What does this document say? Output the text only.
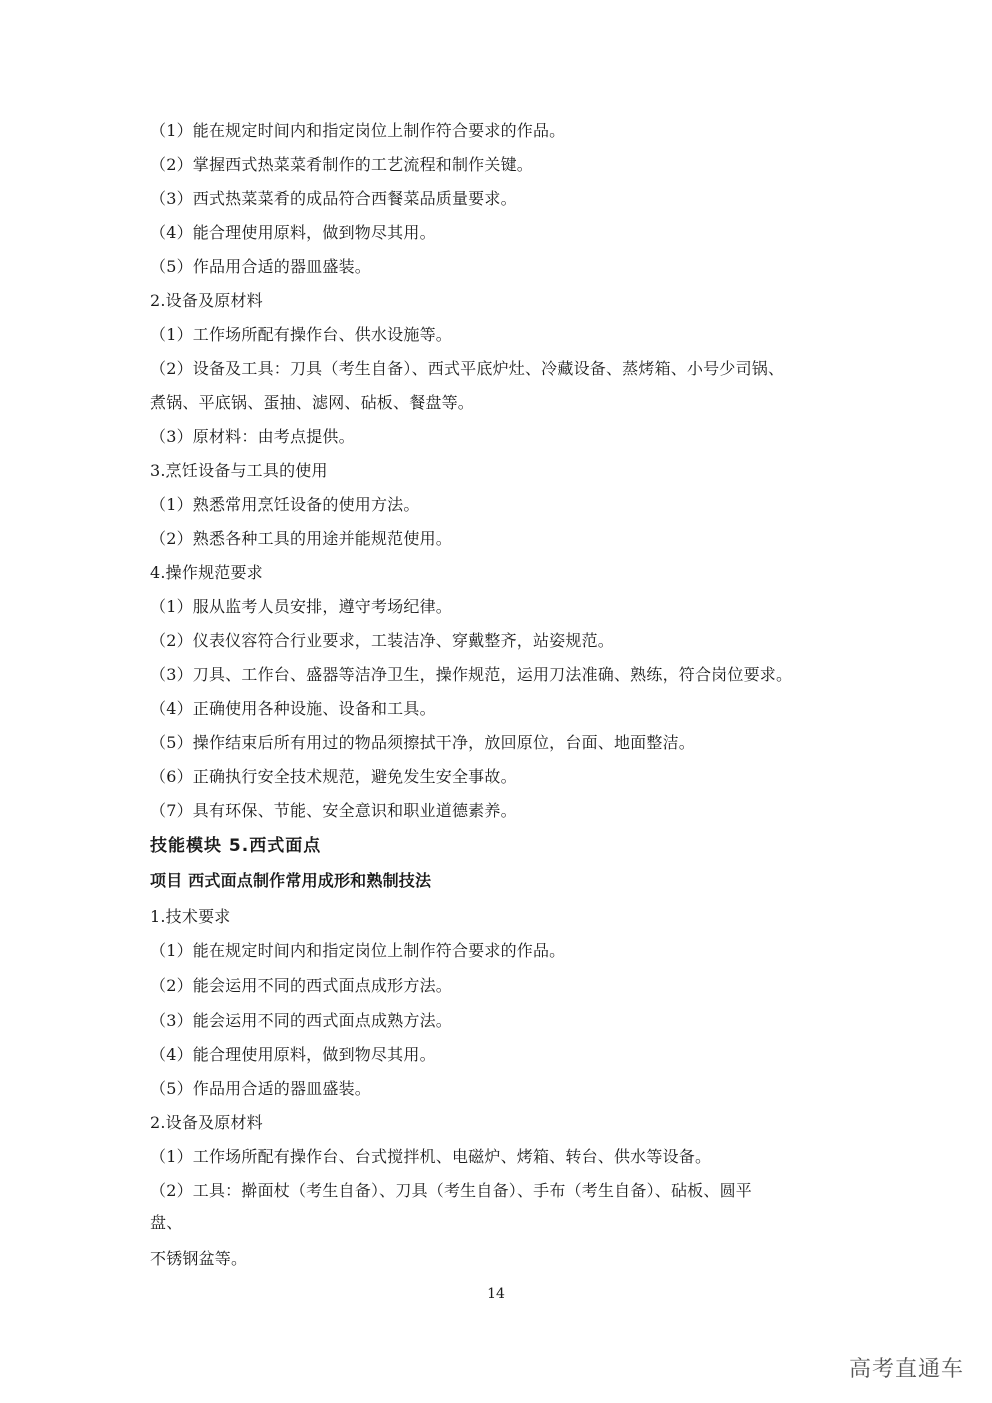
（1）能在规定时间内和指定岗位上制作符合要求的作品。
（2）掌握西式热菜菜肴制作的工艺流程和制作关键。
（3）西式热菜菜肴的成品符合西餐菜品质量要求。
（4）能合理使用原料，做到物尽其用。
（5）作品用合适的器皿盛装。
2.设备及原材料
（1）工作场所配有操作台、供水设施等。
（2）设备及工具：刀具（考生自备）、西式平底炉灶、冷藏设备、蒸烤箱、小号少司锅、
煮锅、平底锅、蛋抽、滤网、砧板、餐盘等。
（3）原材料：由考点提供。
3.烹饪设备与工具的使用
（1）熟悉常用烹饪设备的使用方法。
（2）熟悉各种工具的用途并能规范使用。
4.操作规范要求
（1）服从监考人员安排，遵守考场纪律。
（2）仪表仪容符合行业要求，工装洁净、穿戴整齐，站姿规范。
（3）刀具、工作台、盛器等洁净卫生，操作规范，运用刀法准确、熟练，符合岗位要求。
（4）正确使用各种设施、设备和工具。
（5）操作结束后所有用过的物品须擦拭干净，放回原位，台面、地面整洁。
（6）正确执行安全技术规范，避免发生安全事故。
（7）具有环保、节能、安全意识和职业道德素养。
技能模块 5.西式面点
项目 西式面点制作常用成形和熟制技法
1.技术要求
（1）能在规定时间内和指定岗位上制作符合要求的作品。
（2）能会运用不同的西式面点成形方法。
（3）能会运用不同的西式面点成熟方法。
（4）能合理使用原料，做到物尽其用。
（5）作品用合适的器皿盛装。
2.设备及原材料
（1）工作场所配有操作台、台式搅拌机、电磁炉、烤箱、转台、供水等设备。
（2）工具：擀面杖（考生自备）、刀具（考生自备）、手布（考生自备）、砧板、圆平
盘、
不锈钢盆等。
14
高考直通车
